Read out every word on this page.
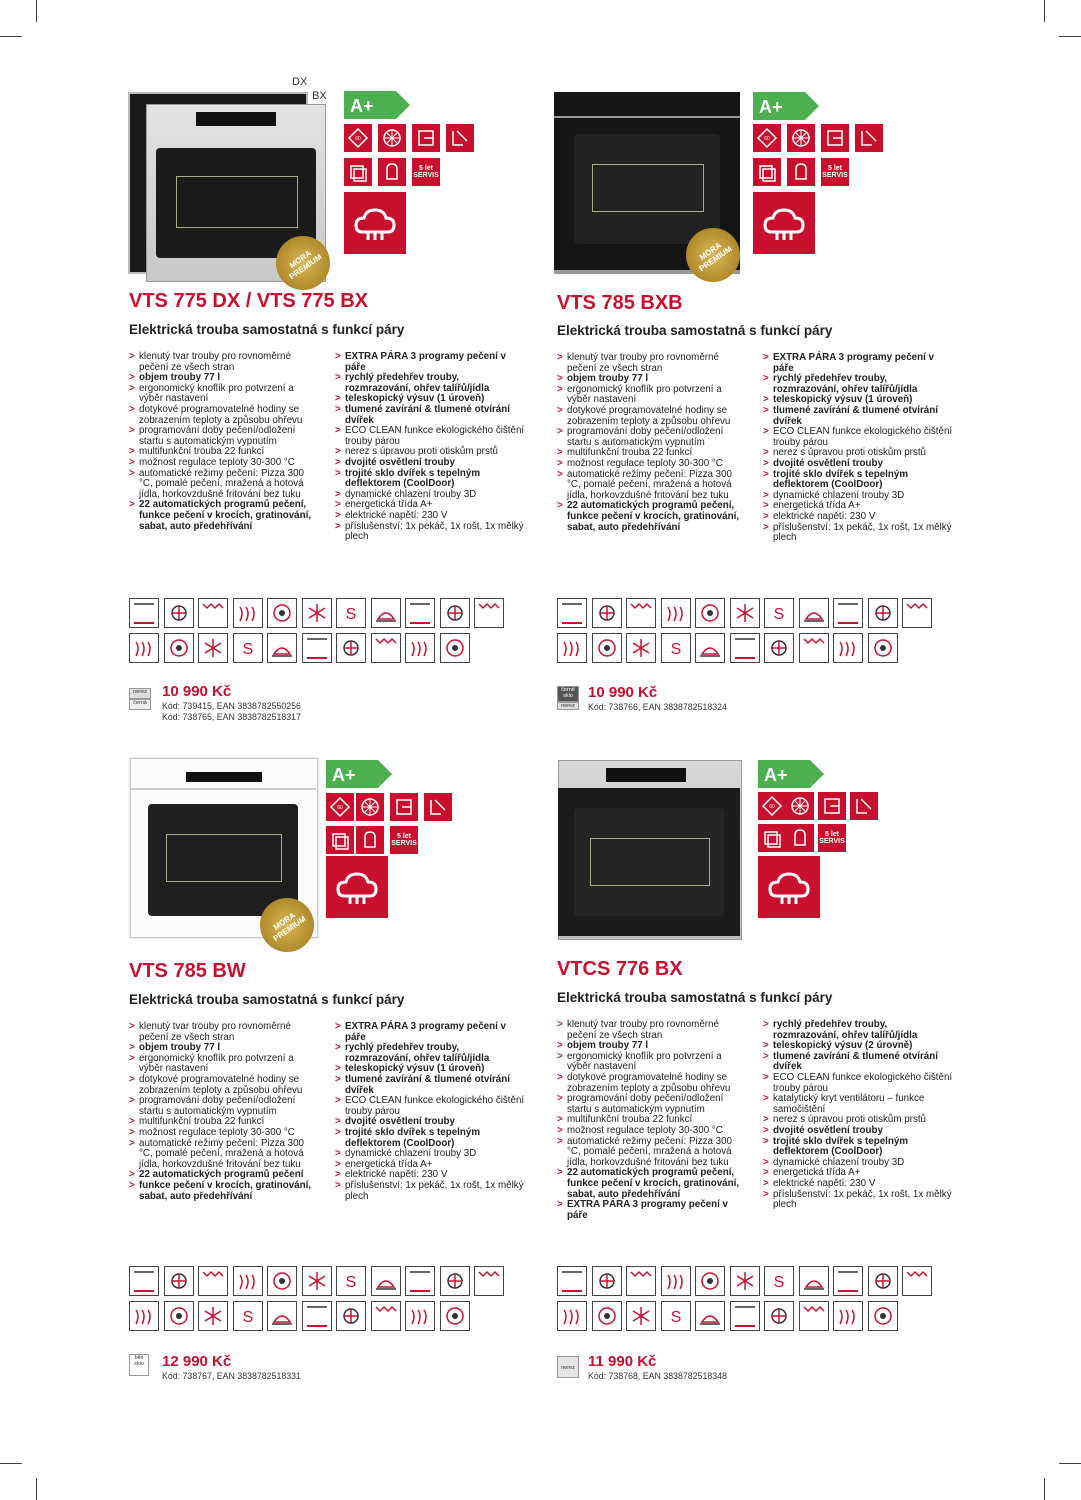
MORA PREMIUM
DX
BX A+
60
5 let SERVIS
VTS 775 DX / VTS 775 BX
Elektrická trouba samostatná s funkcí páry
> klenutý tvar trouby pro rovnoměrné pečení ze všech stran
> objem trouby 77 l
> ergonomický knoflík pro potvrzení a výběr nastavení
> dotykové programovatelné hodiny se zobrazením teploty a způsobu ohřevu
> programování doby pečení/odložení startu s automatickým vypnutím
> multifunkční trouba 22 funkcí
> možnost regulace teploty 30-300 °C
> automatické režimy pečení: Pizza 300 °C, pomalé pečení, mražená a hotová jídla, horkovzdušné fritování bez tuku
> 22 automatických programů pečení, funkce pečení v krocích, gratinování, sabat, auto předehřívání
> EXTRA PÁRA 3 programy pečení v páře
> rychlý předehřev trouby, rozmrazování, ohřev talířů/jídla
> teleskopický výsuv (1 úroveň)
> tlumené zavírání & tlumené otvírání dvířek
> ECO CLEAN funkce ekologického čištění trouby párou
> nerez s úpravou proti otiskům prstů
> dvojité osvětlení trouby
> trojité sklo dvířek s tepelným deflektorem (CoolDoor)
> dynamické chlazení trouby 3D
> energetická třída A+
> elektrické napětí: 230 V
> příslušenství: 1x pekáč, 1x rošt, 1x mělký plech
S
S
nerez
černá
10 990 Kč
Kód: 739415, EAN 3838782550256
Kód: 738765, EAN 3838782518317
MORA PREMIUM
A+
60
5 let SERVIS
VTS 785 BXB
Elektrická trouba samostatná s funkcí páry
> klenutý tvar trouby pro rovnoměrné pečení ze všech stran
> objem trouby 77 l
> ergonomický knoflík pro potvrzení a výběr nastavení
> dotykové programovatelné hodiny se zobrazením teploty a způsobu ohřevu
> programování doby pečení/odložení startu s automatickým vypnutím
> multifunkční trouba 22 funkcí
> možnost regulace teploty 30-300 °C
> automatické režimy pečení: Pizza 300 °C, pomalé pečení, mražená a hotová jídla, horkovzdušné fritování bez tuku
> 22 automatických programů pečení, funkce pečení v krocích, gratinování, sabat, auto předehřívání
> EXTRA PÁRA 3 programy pečení v páře
> rychlý předehřev trouby, rozmrazování, ohřev talířů/jídla
> teleskopický výsuv (1 úroveň)
> tlumené zavírání & tlumené otvírání dvířek
> ECO CLEAN funkce ekologického čištění trouby párou
> nerez s úpravou proti otiskům prstů
> dvojité osvětlení trouby
> trojité sklo dvířek s tepelným deflektorem (CoolDoor)
> dynamické chlazení trouby 3D
> energetická třída A+
> elektrické napětí: 230 V
> příslušenství: 1x pekáč, 1x rošt, 1x mělký plech
S
S
černé sklo
nerez
10 990 Kč
Kód: 738766, EAN 3838782518324
MORA PREMIUM
A+
60
5 let SERVIS
VTS 785 BW
Elektrická trouba samostatná s funkcí páry
> klenutý tvar trouby pro rovnoměrné pečení ze všech stran
> objem trouby 77 l
> ergonomický knoflík pro potvrzení a výběr nastavení
> dotykové programovatelné hodiny se zobrazením teploty a způsobu ohřevu
> programování doby pečení/odložení startu s automatickým vypnutím
> multifunkční trouba 22 funkcí
> možnost regulace teploty 30-300 °C
> automatické režimy pečení: Pizza 300 °C, pomalé pečení, mražená a hotová jídla, horkovzdušné fritování bez tuku
> 22 automatických programů pečení
> funkce pečení v krocích, gratinování, sabat, auto předehřívání
> EXTRA PÁRA 3 programy pečení v páře
> rychlý předehřev trouby, rozmrazování, ohřev talířů/jídla
> teleskopický výsuv (1 úroveň)
> tlumené zavírání & tlumené otvírání dvířek
> ECO CLEAN funkce ekologického čištění trouby párou
> dvojité osvětlení trouby
> trojité sklo dvířek s tepelným deflektorem (CoolDoor)
> dynamické chlazení trouby 3D
> energetická třída A+
> elektrické napětí: 230 V
> příslušenství: 1x pekáč, 1x rošt, 1x mělký plech
S
S
bílé sklo	12 990 Kč
Kód: 738767, EAN 3838782518331
A+
60
5 let SERVIS
VTCS 776 BX
Elektrická trouba samostatná s funkcí páry
> klenutý tvar trouby pro rovnoměrné pečení ze všech stran
> objem trouby 77 l
> ergonomický knoflík pro potvrzení a výběr nastavení
> dotykové programovatelné hodiny se zobrazením teploty a způsobu ohřevu
> programování doby pečení/odložení startu s automatickým vypnutím
> multifunkční trouba 22 funkcí
> možnost regulace teploty 30-300 °C
> automatické režimy pečení: Pizza 300 °C, pomalé pečení, mražená a hotová jídla, horkovzdušné fritování bez tuku
> 22 automatických programů pečení, funkce pečení v krocích, gratinování, sabat, auto předehřívání
> EXTRA PÁRA 3 programy pečení v páře
> rychlý předehřev trouby, rozmrazování, ohřev talířů/jídla
> teleskopický výsuv (2 úrovně)
> tlumené zavírání & tlumené otvírání dvířek
> ECO CLEAN funkce ekologického čištění trouby párou
> katalytický kryt ventilátoru – funkce samočištění
> nerez s úpravou proti otiskům prstů
> dvojité osvětlení trouby
> trojité sklo dvířek s tepelným deflektorem (CoolDoor)
> dynamické chlazení trouby 3D
> energetická třída A+
> elektrické napětí: 230 V
> příslušenství: 1x pekáč, 1x rošt, 1x mělký plech
S
S
nerez 11 990 Kč
Kód: 738768, EAN 3838782518348
